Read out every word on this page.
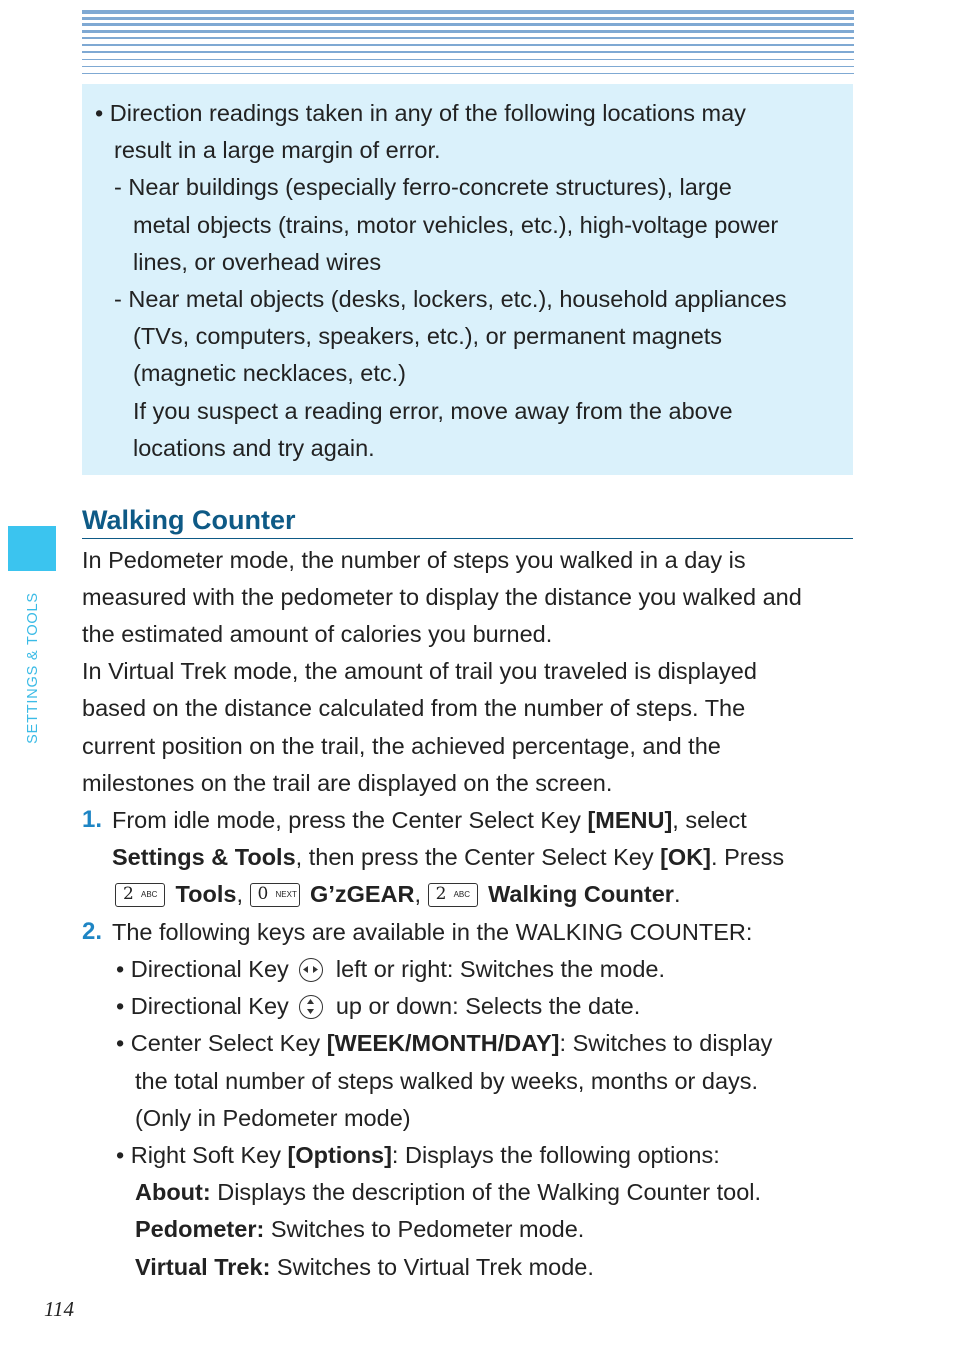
• Direction readings taken in any of the following locations may
result in a large margin of error.
- Near buildings (especially ferro-concrete structures), large
metal objects (trains, motor vehicles, etc.), high-voltage power
lines, or overhead wires
- Near metal objects (desks, lockers, etc.), household appliances
(TVs, computers, speakers, etc.), or permanent magnets
(magnetic necklaces, etc.)
If you suspect a reading error, move away from the above
locations and try again.
SETTINGS & TOOLS
Walking Counter
In Pedometer mode, the number of steps you walked in a day is
measured with the pedometer to display the distance you walked and
the estimated amount of calories you burned.
In Virtual Trek mode, the amount of trail you traveled is displayed
based on the distance calculated from the number of steps. The
current position on the trail, the achieved percentage, and the
milestones on the trail are displayed on the screen.
1. From idle mode, press the Center Select Key [MENU], select
Settings & Tools, then press the Center Select Key [OK]. Press
2 ABC Tools, 0 NEXT G’zGEAR, 2 ABC Walking Counter.
2. The following keys are available in the WALKING COUNTER:
• Directional Key
left or right: Switches the mode.
• Directional Key
up or down: Selects the date.
• Center Select Key [WEEK/MONTH/DAY]: Switches to display
the total number of steps walked by weeks, months or days.
(Only in Pedometer mode)
• Right Soft Key [Options]: Displays the following options:
About: Displays the description of the Walking Counter tool.
Pedometer: Switches to Pedometer mode.
Virtual Trek: Switches to Virtual Trek mode.
114
